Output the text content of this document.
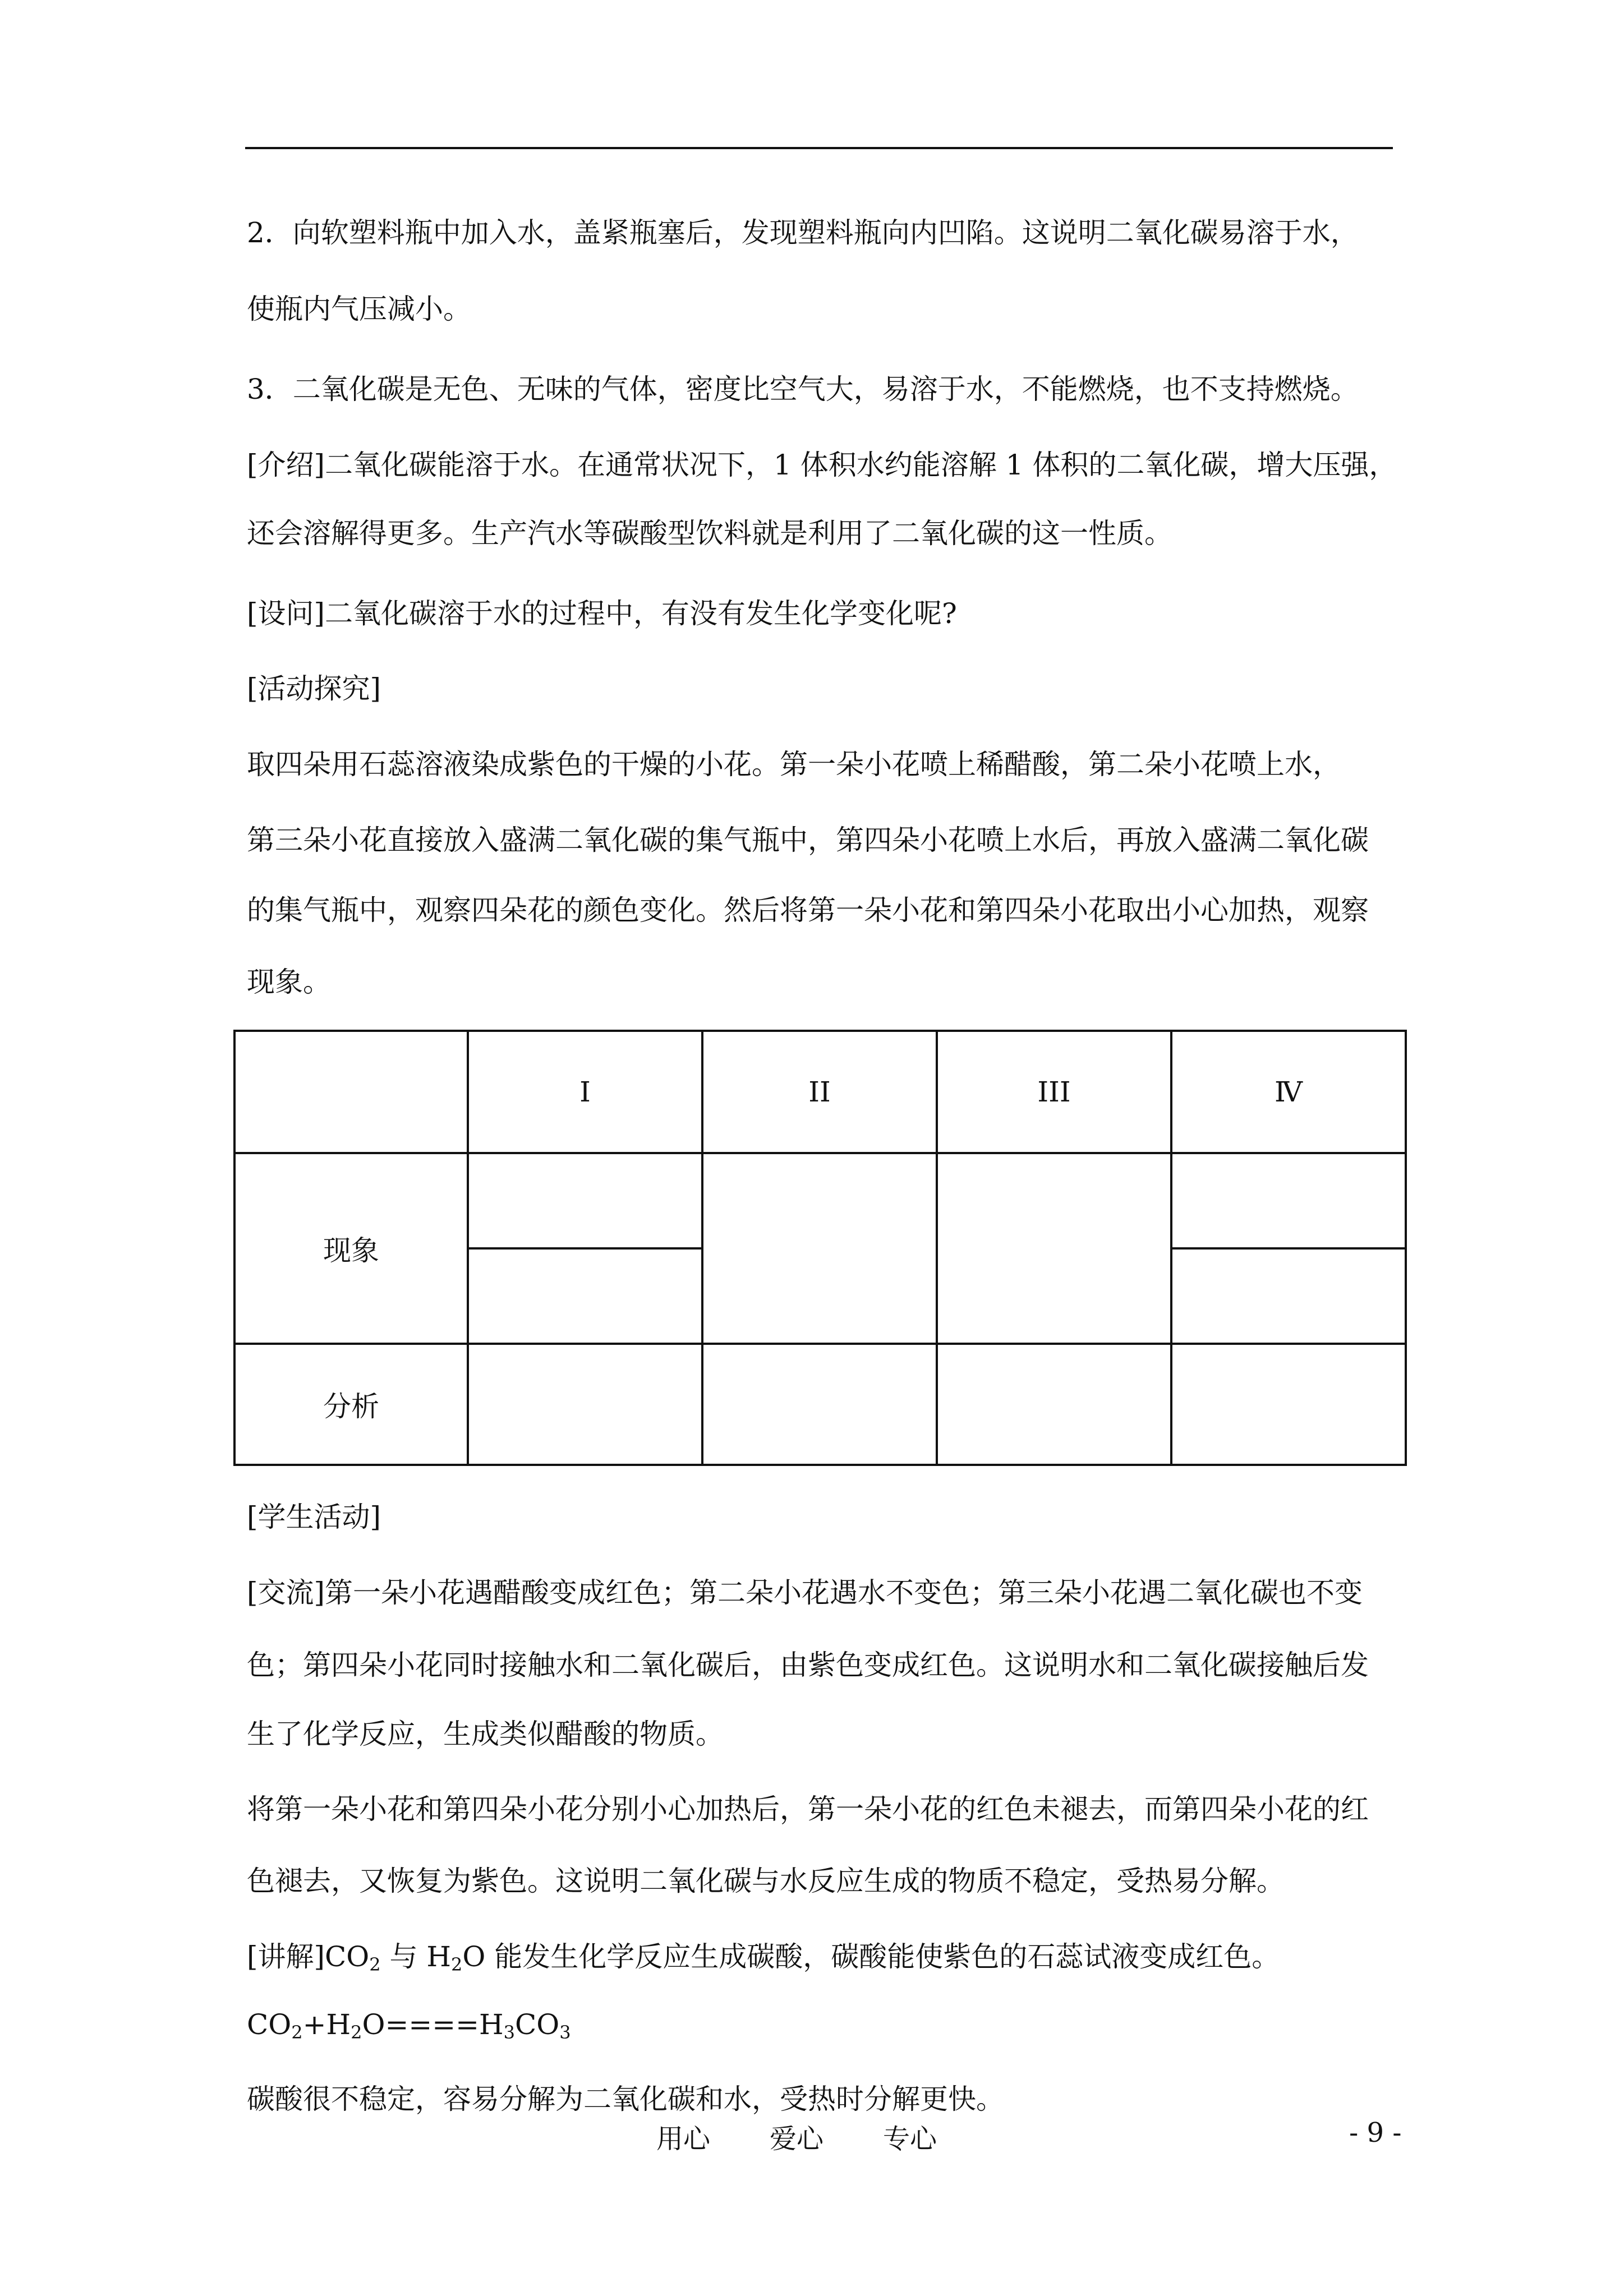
2．向软塑料瓶中加入水，盖紧瓶塞后，发现塑料瓶向内凹陷。这说明二氧化碳易溶于水，

使瓶内气压减小。

3．二氧化碳是无色、无味的气体，密度比空气大，易溶于水，不能燃烧，也不支持燃烧。

[介绍]二氧化碳能溶于水。在通常状况下，1 体积水约能溶解 1 体积的二氧化碳，增大压强，

还会溶解得更多。生产汽水等碳酸型饮料就是利用了二氧化碳的这一性质。

[设问]二氧化碳溶于水的过程中，有没有发生化学变化呢?

[活动探究]

取四朵用石蕊溶液染成紫色的干燥的小花。第一朵小花喷上稀醋酸，第二朵小花喷上水，

第三朵小花直接放入盛满二氧化碳的集气瓶中，第四朵小花喷上水后，再放入盛满二氧化碳

的集气瓶中，观察四朵花的颜色变化。然后将第一朵小花和第四朵小花取出小心加热，观察

现象。

	I	II	III	Ⅳ
现象				

分析				

[学生活动]

[交流]第一朵小花遇醋酸变成红色；第二朵小花遇水不变色；第三朵小花遇二氧化碳也不变

色；第四朵小花同时接触水和二氧化碳后，由紫色变成红色。这说明水和二氧化碳接触后发

生了化学反应，生成类似醋酸的物质。

将第一朵小花和第四朵小花分别小心加热后，第一朵小花的红色未褪去，而第四朵小花的红

色褪去，又恢复为紫色。这说明二氧化碳与水反应生成的物质不稳定，受热易分解。

[讲解]$CO_2$ 与 $H_2O$ 能发生化学反应生成碳酸，碳酸能使紫色的石蕊试液变成红色。

$CO_2+H_2O====H_3CO_3$

碳酸很不稳定，容易分解为二氧化碳和水，受热时分解更快。

用心 爱心 专心	- 9 -
